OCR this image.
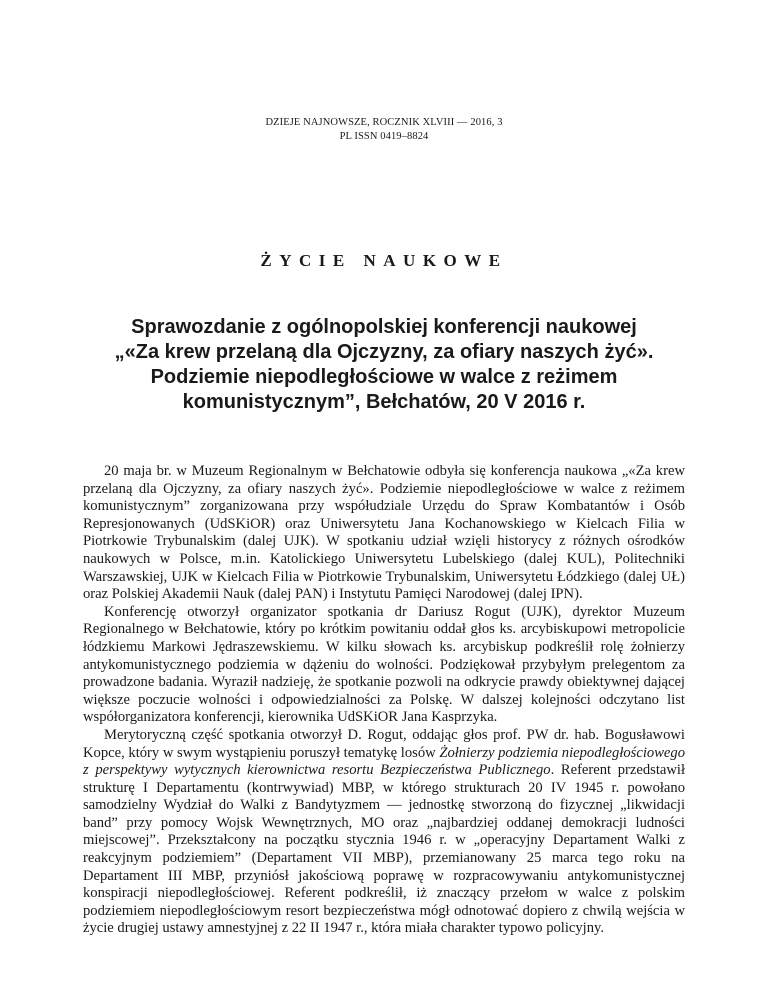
DZIEJE NAJNOWSZE, ROCZNIK XLVIII — 2016, 3
PL ISSN 0419–8824
ŻYCIE NAUKOWE
Sprawozdanie z ogólnopolskiej konferencji naukowej
„«Za krew przelaną dla Ojczyzny, za ofiary naszych żyć».
Podziemie niepodległościowe w walce z reżimem
komunistycznym”, Bełchatów, 20 V 2016 r.

20 maja br. w Muzeum Regionalnym w Bełchatowie odbyła się konferencja naukowa „«Za krew przelaną dla Ojczyzny, za ofiary naszych żyć». Podziemie niepodległościowe w walce z reżimem komunistycznym” zorganizowana przy współudziale Urzędu do Spraw Kombatantów i Osób Represjonowanych (UdSKiOR) oraz Uniwersytetu Jana Kochanowskiego w Kielcach Filia w Piotrkowie Trybunalskim (dalej UJK). W spotkaniu udział wzięli historycy z różnych ośrodków naukowych w Polsce, m.in. Katolickiego Uniwersytetu Lubelskiego (dalej KUL), Politechniki Warszawskiej, UJK w Kielcach Filia w Piotrkowie Trybunalskim, Uniwersytetu Łódzkiego (dalej UŁ) oraz Polskiej Akademii Nauk (dalej PAN) i Instytutu Pamięci Narodowej (dalej IPN).

Konferencję otworzył organizator spotkania dr Dariusz Rogut (UJK), dyrektor Muzeum Regionalnego w Bełchatowie, który po krótkim powitaniu oddał głos ks. arcybiskupowi metropolicie łódzkiemu Markowi Jędraszewskiemu. W kilku słowach ks. arcybiskup podkreślił rolę żołnierzy antykomunistycznego podziemia w dążeniu do wolności. Podziękował przybyłym prelegentom za prowadzone badania. Wyraził nadzieję, że spotkanie pozwoli na odkrycie prawdy obiektywnej dającej większe poczucie wolności i odpowiedzialności za Polskę. W dalszej kolejności odczytano list współorganizatora konferencji, kierownika UdSKiOR Jana Kasprzyka.

Merytoryczną część spotkania otworzył D. Rogut, oddając głos prof. PW dr. hab. Bogusławowi Kopce, który w swym wystąpieniu poruszył tematykę losów Żołnierzy podziemia niepodległościowego z perspektywy wytycznych kierownictwa resortu Bezpieczeństwa Publicznego. Referent przedstawił strukturę I Departamentu (kontrwywiad) MBP, w którego strukturach 20 IV 1945 r. powołano samodzielny Wydział do Walki z Bandytyzmem — jednostkę stworzoną do fizycznej „likwidacji band” przy pomocy Wojsk Wewnętrznych, MO oraz „najbardziej oddanej demokracji ludności miejscowej”. Przekształcony na początku stycznia 1946 r. w „operacyjny Departament Walki z reakcyjnym podziemiem” (Departament VII MBP), przemianowany 25 marca tego roku na Departament III MBP, przyniósł jakościową poprawę w rozpracowywaniu antykomunistycznej konspiracji niepodległościowej. Referent podkreślił, iż znaczący przełom w walce z polskim podziemiem niepodległościowym resort bezpieczeństwa mógł odnotować dopiero z chwilą wejścia w życie drugiej ustawy amnestyjnej z 22 II 1947 r., która miała charakter typowo policyjny.
